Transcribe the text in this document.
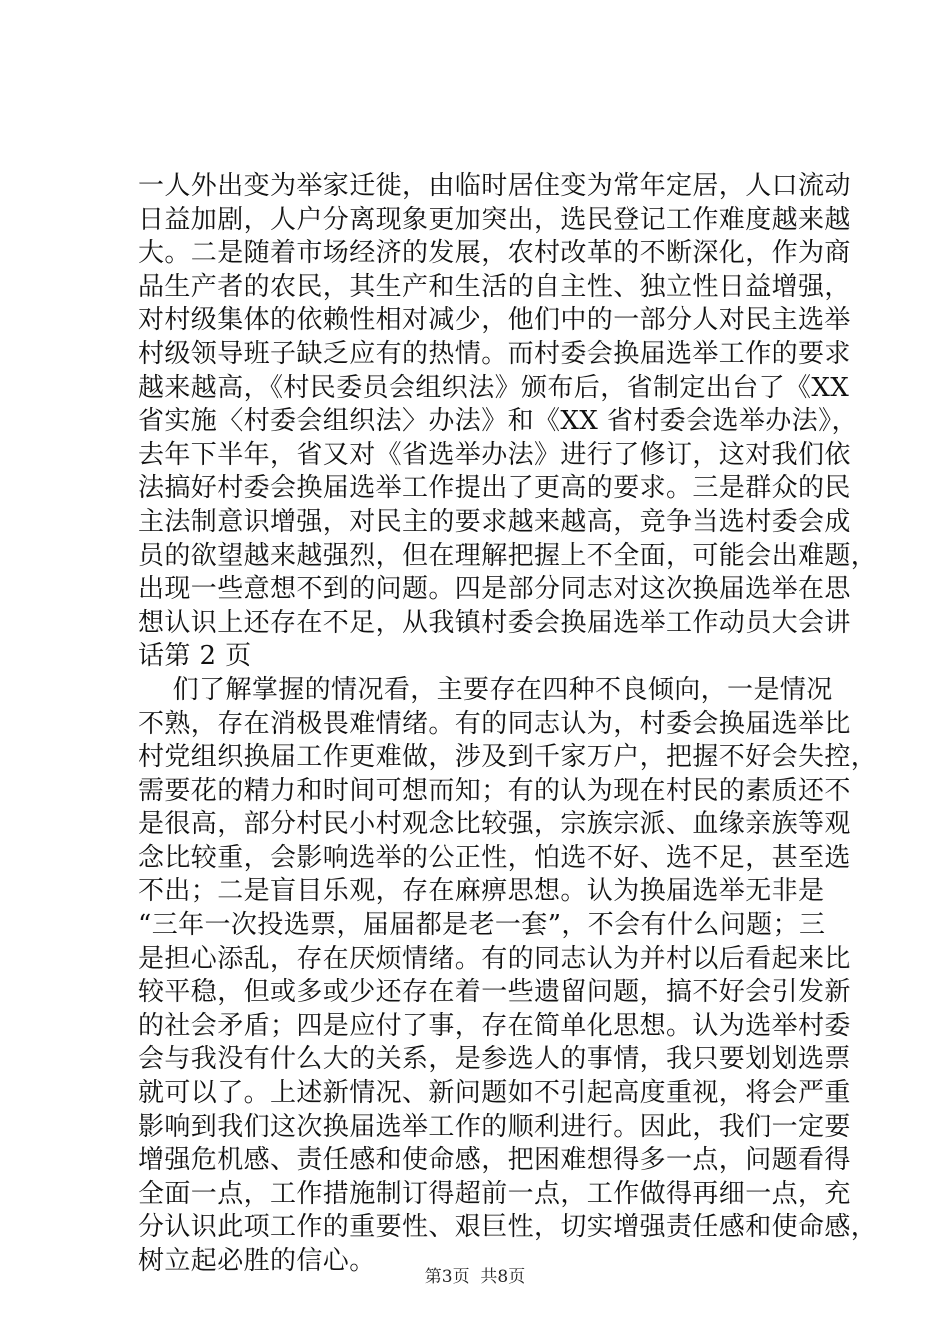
一人外出变为举家迁徙，由临时居住变为常年定居，人口流动
日益加剧，人户分离现象更加突出，选民登记工作难度越来越
大。二是随着市场经济的发展，农村改革的不断深化，作为商
品生产者的农民，其生产和生活的自主性、独立性日益增强，
对村级集体的依赖性相对减少，他们中的一部分人对民主选举
村级领导班子缺乏应有的热情。而村委会换届选举工作的要求
越来越高，《村民委员会组织法》颁布后，省制定出台了《XX
省实施〈村委会组织法〉办法》和《XX 省村委会选举办法》，
去年下半年，省又对《省选举办法》进行了修订，这对我们依
法搞好村委会换届选举工作提出了更高的要求。三是群众的民
主法制意识增强，对民主的要求越来越高，竞争当选村委会成
员的欲望越来越强烈，但在理解把握上不全面，可能会出难题，
出现一些意想不到的问题。四是部分同志对这次换届选举在思
想认识上还存在不足，从我镇村委会换届选举工作动员大会讲
话第 2 页
们了解掌握的情况看，主要存在四种不良倾向，一是情况
不熟，存在消极畏难情绪。有的同志认为，村委会换届选举比
村党组织换届工作更难做，涉及到千家万户，把握不好会失控，
需要花的精力和时间可想而知；有的认为现在村民的素质还不
是很高，部分村民小村观念比较强，宗族宗派、血缘亲族等观
念比较重，会影响选举的公正性，怕选不好、选不足，甚至选
不出；二是盲目乐观，存在麻痹思想。认为换届选举无非是
“三年一次投选票，届届都是老一套”，不会有什么问题；三
是担心添乱，存在厌烦情绪。有的同志认为并村以后看起来比
较平稳，但或多或少还存在着一些遗留问题，搞不好会引发新
的社会矛盾；四是应付了事，存在简单化思想。认为选举村委
会与我没有什么大的关系，是参选人的事情，我只要划划选票
就可以了。上述新情况、新问题如不引起高度重视，将会严重
影响到我们这次换届选举工作的顺利进行。因此，我们一定要
增强危机感、责任感和使命感，把困难想得多一点，问题看得
全面一点，工作措施制订得超前一点，工作做得再细一点，充
分认识此项工作的重要性、艰巨性，切实增强责任感和使命感，
树立起必胜的信心。
第3页  共8页
